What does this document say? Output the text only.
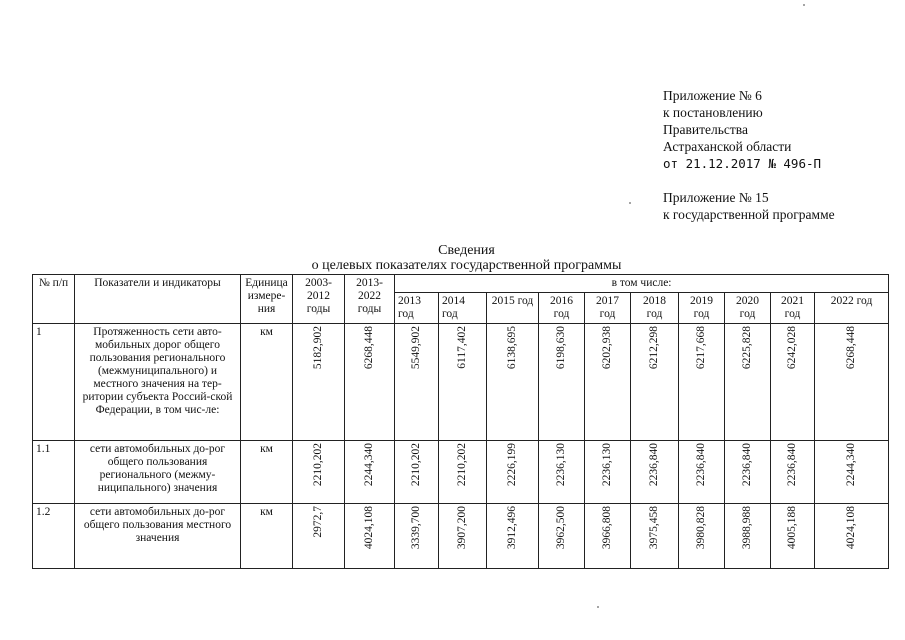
Приложение № 6
к постановлению
Правительства
Астраханской области
от 21.12.2017 № 496-П
Приложение № 15
к государственной программе
Сведения
о целевых показателях государственной программы
№ п/п	Показатели и индикаторы	Единица измере-ния	2003-2012 годы	2013-2022 годы	в том числе:									
					2013 год	2014 год	2015 год	2016 год	2017 год	2018 год	2019 год	2020 год	2021 год	2022 год
1	Протяженность сети авто-мобильных дорог общего пользования регионального (межмуниципального) и местного значения на тер-ритории субъекта Россий-ской Федерации, в том чис-ле:	км	5182,902	6268,448	5549,902	6117,402	6138,695	6198,630	6202,938	6212,298	6217,668	6225,828	6242,028	6268,448
1.1	сети автомобильных до-рог общего пользования регионального (межму-ниципального) значения	км	2210,202	2244,340	2210,202	2210,202	2226,199	2236,130	2236,130	2236,840	2236,840	2236,840	2236,840	2244,340
1.2	сети автомобильных до-рог общего пользования местного значения	км	2972,7	4024,108	3339,700	3907,200	3912,496	3962,500	3966,808	3975,458	3980,828	3988,988	4005,188	4024,108
